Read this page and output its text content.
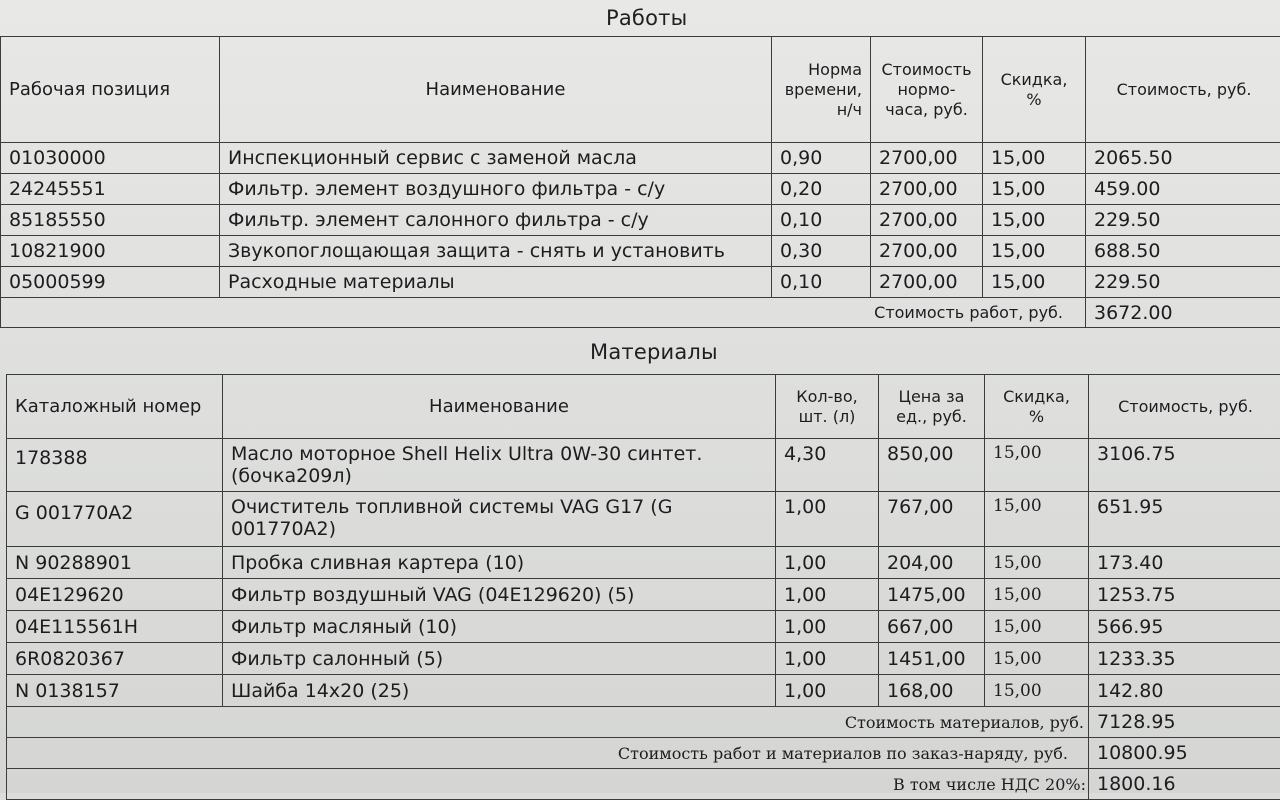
Работы
Рабочая позиция	Наименование	Норма времени, н/ч	Стоимость нормо-часа, руб.	Скидка, %	Стоимость, руб.
01030000	Инспекционный сервис с заменой масла	0,90	2700,00	15,00	2065.50
24245551	Фильтр. элемент воздушного фильтра - с/у	0,20	2700,00	15,00	459.00
85185550	Фильтр. элемент салонного фильтра - с/у	0,10	2700,00	15,00	229.50
10821900	Звукопоглощающая защита - снять и установить	0,30	2700,00	15,00	688.50
05000599	Расходные материалы	0,10	2700,00	15,00	229.50
Стоимость работ, руб.					3672.00
Материалы
Каталожный номер	Наименование	Кол-во, шт. (л)	Цена за ед., руб.	Скидка, %	Стоимость, руб.
178388	Масло моторное Shell Helix Ultra 0W-30 синтет. (бочка209л)	4,30	850,00	15,00	3106.75
G 001770A2	Очиститель топливной системы VAG G17 (G 001770A2)	1,00	767,00	15,00	651.95
N 90288901	Пробка сливная картера (10)	1,00	204,00	15,00	173.40
04E129620	Фильтр воздушный VAG (04E129620) (5)	1,00	1475,00	15,00	1253.75
04E115561H	Фильтр масляный (10)	1,00	667,00	15,00	566.95
6R0820367	Фильтр салонный (5)	1,00	1451,00	15,00	1233.35
N 0138157	Шайба 14x20 (25)	1,00	168,00	15,00	142.80
Стоимость материалов, руб.					7128.95
Стоимость работ и материалов по заказ-наряду, руб.					10800.95
В том числе НДС 20%:					1800.16
